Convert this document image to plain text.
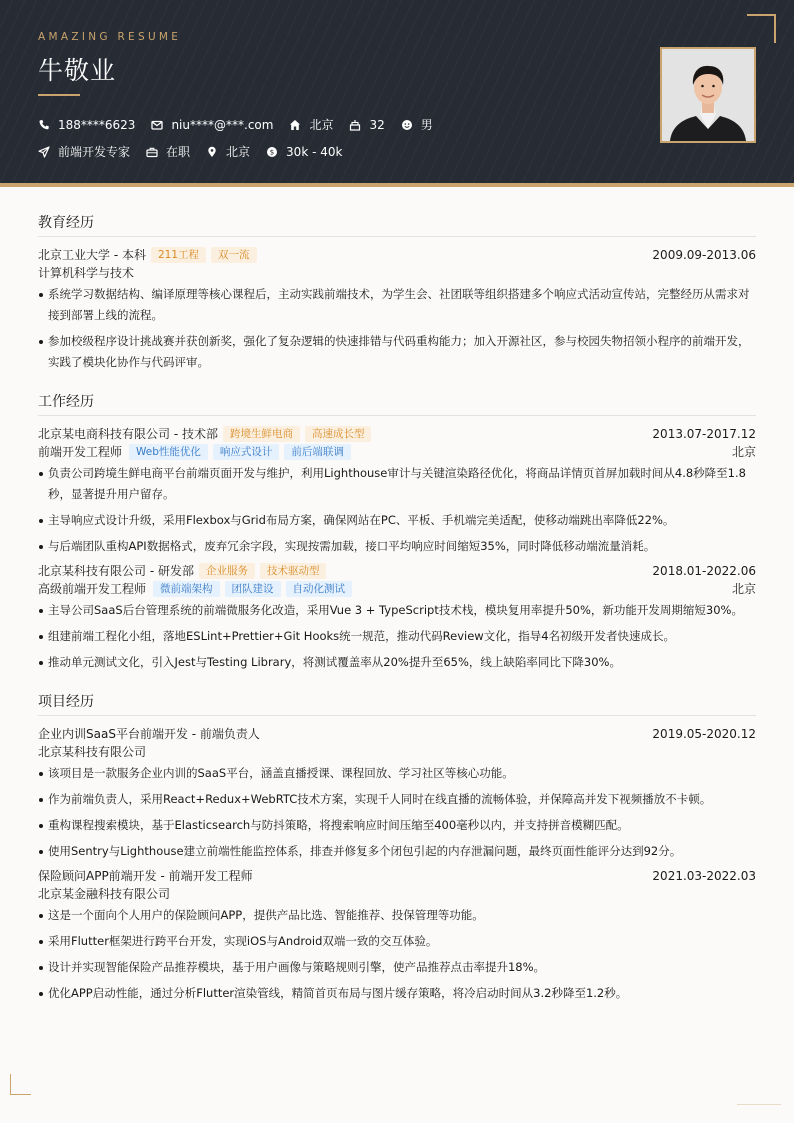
AMAZING RESUME
牛敬业
188****6623	niu****@***.com	北京	32	男
前端开发专家	在职	北京	$ 30k - 40k
教育经历
北京工业大学 - 本科	211工程	双一流	2009.09-2013.06
计算机科学与技术
系统学习数据结构、编译原理等核心课程后，主动实践前端技术，为学生会、社团联等组织搭建多个响应式活动宣传站，完整经历从需求对接到部署上线的流程。
参加校级程序设计挑战赛并获创新奖，强化了复杂逻辑的快速排错与代码重构能力；加入开源社区，参与校园失物招领小程序的前端开发，实践了模块化协作与代码评审。
工作经历
北京某电商科技有限公司 - 技术部	跨境生鲜电商	高速成长型	2013.07-2017.12
前端开发工程师	Web性能优化	响应式设计	前后端联调	北京
负责公司跨境生鲜电商平台前端页面开发与维护，利用Lighthouse审计与关键渲染路径优化，将商品详情页首屏加载时间从4.8秒降至1.8秒，显著提升用户留存。
主导响应式设计升级，采用Flexbox与Grid布局方案，确保网站在PC、平板、手机端完美适配，使移动端跳出率降低22%。
与后端团队重构API数据格式，废弃冗余字段，实现按需加载，接口平均响应时间缩短35%，同时降低移动端流量消耗。
北京某科技有限公司 - 研发部	企业服务	技术驱动型	2018.01-2022.06
高级前端开发工程师	微前端架构	团队建设	自动化测试	北京
主导公司SaaS后台管理系统的前端微服务化改造，采用Vue 3 + TypeScript技术栈，模块复用率提升50%，新功能开发周期缩短30%。
组建前端工程化小组，落地ESLint+Prettier+Git Hooks统一规范，推动代码Review文化，指导4名初级开发者快速成长。
推动单元测试文化，引入Jest与Testing Library，将测试覆盖率从20%提升至65%，线上缺陷率同比下降30%。
项目经历
企业内训SaaS平台前端开发 - 前端负责人	2019.05-2020.12
北京某科技有限公司
该项目是一款服务企业内训的SaaS平台，涵盖直播授课、课程回放、学习社区等核心功能。
作为前端负责人，采用React+Redux+WebRTC技术方案，实现千人同时在线直播的流畅体验，并保障高并发下视频播放不卡顿。
重构课程搜索模块，基于Elasticsearch与防抖策略，将搜索响应时间压缩至400毫秒以内，并支持拼音模糊匹配。
使用Sentry与Lighthouse建立前端性能监控体系，排查并修复多个闭包引起的内存泄漏问题，最终页面性能评分达到92分。
保险顾问APP前端开发 - 前端开发工程师	2021.03-2022.03
北京某金融科技有限公司
这是一个面向个人用户的保险顾问APP，提供产品比选、智能推荐、投保管理等功能。
采用Flutter框架进行跨平台开发，实现iOS与Android双端一致的交互体验。
设计并实现智能保险产品推荐模块，基于用户画像与策略规则引擎，使产品推荐点击率提升18%。
优化APP启动性能，通过分析Flutter渲染管线，精简首页布局与图片缓存策略，将冷启动时间从3.2秒降至1.2秒。
